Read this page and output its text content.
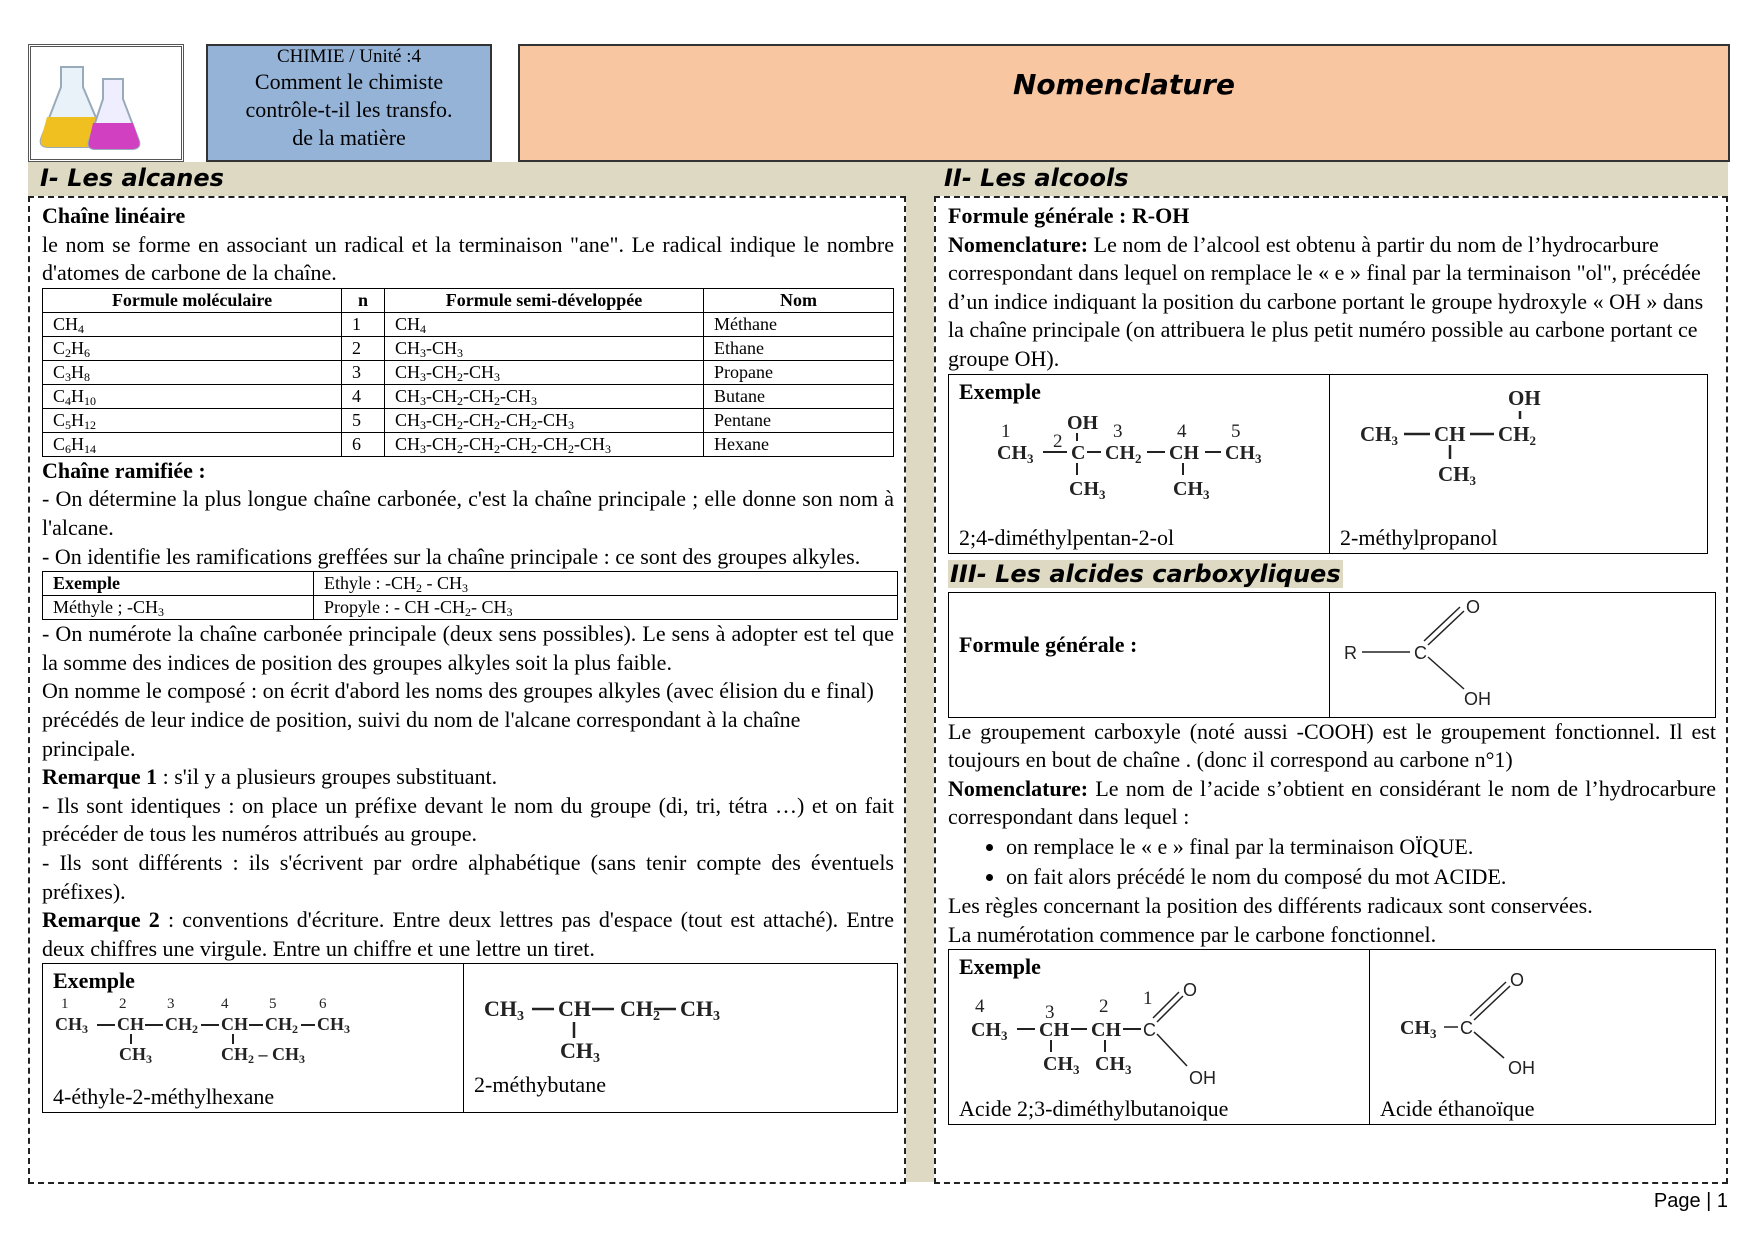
CHIMIE / Unité :4
Comment le chimiste
contrôle-t-il les transfo.
de la matière
Nomenclature
I- Les alcanes	II- Les alcools

Chaîne linéaire

le nom se forme en associant un radical et la terminaison "ane". Le radical indique le nombre d'atomes de carbone de la chaîne.

Formule moléculaire	n	Formule semi-développée	Nom
$CH_4$	1	$CH_4$	Méthane
$C_2H_6$	2	$CH_3-CH_3$	Ethane
$C_3H_8$	3	$CH_3-CH_2-CH_3$	Propane
$C_4H_{10}$	4	$CH_3-CH_2-CH_2-CH_3$	Butane
$C_5H_{12}$	5	$CH_3-CH_2-CH_2-CH_2-CH_3$	Pentane
$C_6H_{14}$	6	$CH_3-CH_2-CH_2-CH_2-CH_2-CH_3$	Hexane

Chaîne ramifiée :

- On détermine la plus longue chaîne carbonée, c'est la chaîne principale ; elle donne son nom à l'alcane.

- On identifie les ramifications greffées sur la chaîne principale : ce sont des groupes alkyles.

Exemple	Ethyle : $-CH_2 - CH_3$
Méthyle ; $-CH_3$	Propyle : - CH $-CH_2-$ $CH_3$

- On numérote la chaîne carbonée principale (deux sens possibles). Le sens à adopter est tel que la somme des indices de position des groupes alkyles soit la plus faible.

On nomme le composé : on écrit d'abord les noms des groupes alkyles (avec élision du e final) précédés de leur indice de position, suivi du nom de l'alcane correspondant à la chaîne principale.

Remarque 1 : s'il y a plusieurs groupes substituant.

- Ils sont identiques : on place un préfixe devant le nom du groupe (di, tri, tétra …) et on fait précéder de tous les numéros attribués au groupe.

- Ils sont différents : ils s'écrivent par ordre alphabétique (sans tenir compte des éventuels préfixes).

Remarque 2 : conventions d'écriture. Entre deux lettres pas d'espace (tout est attaché). Entre deux chiffres une virgule. Entre un chiffre et une lettre un tiret.

Exemple
1	2	3	4	5	6
CH3 CH CH2 CH CH2 CH3
CH3	CH2 – CH3
4-éthyle-2-méthylhexane

CH3 CH CH2 CH3
CH3
2-méthybutane

Formule générale : R-OH

Nomenclature: Le nom de l’alcool est obtenu à partir du nom de l’hydrocarbure correspondant dans lequel on remplace le « e » final par la terminaison "ol", précédée d’un indice indiquant la position du carbone portant le groupe hydroxyle « OH » dans la chaîne principale (on attribuera le plus petit numéro possible au carbone portant ce groupe OH).

Exemple
1 2	3	4 5
OH
$CH_3$ C $CH_2$ CH $CH_3$
$CH_3$	$CH_3$
2;4-diméthylpentan-2-ol

OH
CH3 CH CH2
CH3
2-méthylpropanol
III- Les alcides carboxyliques
Formule générale :	R	C
O
OH

Le groupement carboxyle (noté aussi -COOH) est le groupement fonctionnel. Il est toujours en bout de chaîne . (donc il correspond au carbone n°1)

Nomenclature: Le nom de l’acide s’obtient en considérant le nom de l’hydrocarbure correspondant dans lequel :

• on remplace le « e » final par la terminaison OÏQUE.
• on fait alors précédé le nom du composé du mot ACIDE.

Les règles concernant la position des différents radicaux sont conservées.

La numérotation commence par le carbone fonctionnel.

Exemple
4	3 2 1
$CH_3$ CH CH
$CH_3$ $CH_3$
C
O
OH
Acide 2;3-diméthylbutanoique

$CH_3$ C
O
OH
Acide éthanoïque
Page | 1
